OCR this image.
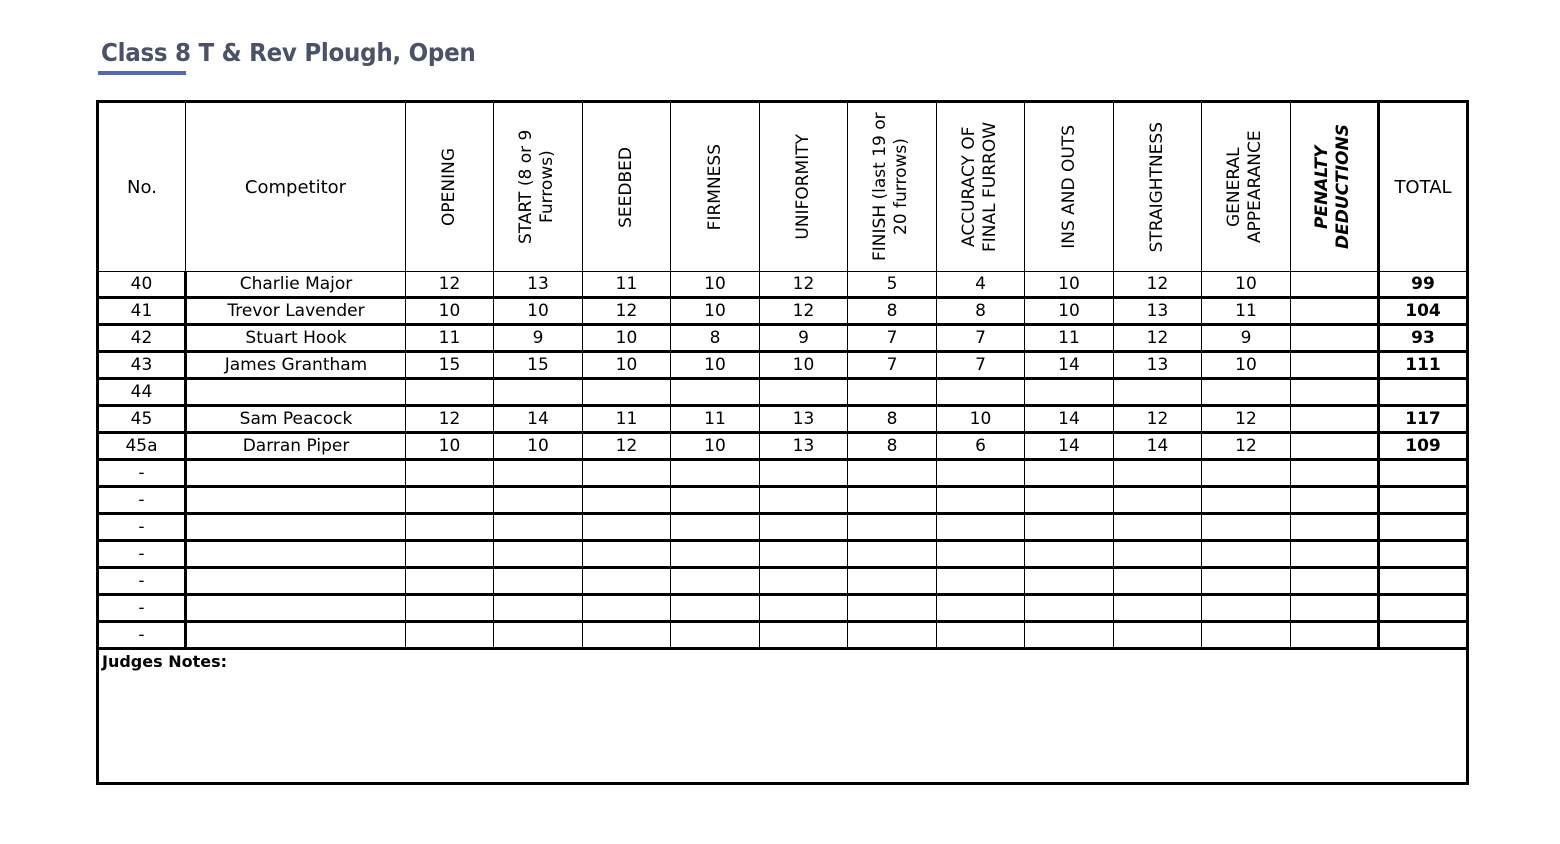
Class 8 T & Rev Plough, Open
No.	Competitor	OPENING	START (8 or 9 Furrows)	SEEDBED	FIRMNESS	UNIFORMITY	FINISH (last 19 or 20 furrows)	ACCURACY OF FINAL FURROW	INS AND OUTS	STRAIGHTNESS	GENERAL APPEARANCE	PENALTY DEDUCTIONS	TOTAL
40	Charlie Major	12	13	11	10	12	5	4	10	12	10		99
41	Trevor Lavender	10	10	12	10	12	8	8	10	13	11		104
42	Stuart Hook	11	9	10	8	9	7	7	11	12	9		93
43	James Grantham	15	15	10	10	10	7	7	14	13	10		111
44													
45	Sam Peacock	12	14	11	11	13	8	10	14	12	12		117
45a	Darran Piper	10	10	12	10	13	8	6	14	14	12		109
-													
-													
-													
-													
-													
-													
-													
Judges Notes:													
